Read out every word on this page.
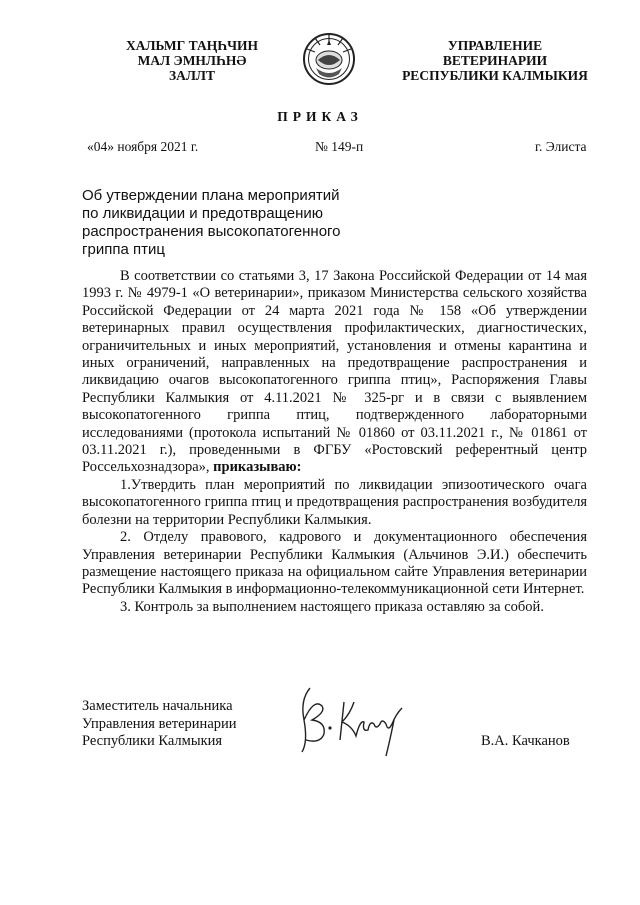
ХАЛЬМГ ТАҢҺЧИН
МАЛ ЭМНЛҺНӘ
ЗАЛЛТ
УПРАВЛЕНИЕ
ВЕТЕРИНАРИИ
РЕСПУБЛИКИ КАЛМЫКИЯ
ПРИКАЗ
«04» ноября 2021 г.	№ 149-п	г. Элиста
Об утверждении плана мероприятий по ликвидации и предотвращению распространения высокопатогенного гриппа птиц

В соответствии со статьями 3, 17 Закона Российской Федерации от 14 мая 1993 г. № 4979-1 «О ветеринарии», приказом Министерства сельского хозяйства Российской Федерации от 24 марта 2021 года № 158 «Об утверждении ветеринарных правил осуществления профилактических, диагностических, ограничительных и иных мероприятий, установления и отмены карантина и иных ограничений, направленных на предотвращение распространения и ликвидацию очагов высокопатогенного гриппа птиц», Распоряжения Главы Республики Калмыкия от 4.11.2021 № 325-рг и в связи с выявлением высокопатогенного гриппа птиц, подтвержденного лабораторными исследованиями (протокола испытаний № 01860 от 03.11.2021 г., № 01861 от 03.11.2021 г.), проведенными в ФГБУ «Ростовский референтный центр Россельхознадзора», приказываю:

1.Утвердить план мероприятий по ликвидации эпизоотического очага высокопатогенного гриппа птиц и предотвращения распространения возбудителя болезни на территории Республики Калмыкия.

2. Отделу правового, кадрового и документационного обеспечения Управления ветеринарии Республики Калмыкия (Альчинов Э.И.) обеспечить размещение настоящего приказа на официальном сайте Управления ветеринарии Республики Калмыкия в информационно-телекоммуникационной сети Интернет.

3. Контроль за выполнением настоящего приказа оставляю за собой.

Заместитель начальника
Управления ветеринарии
Республики Калмыкия	В.А. Качканов
